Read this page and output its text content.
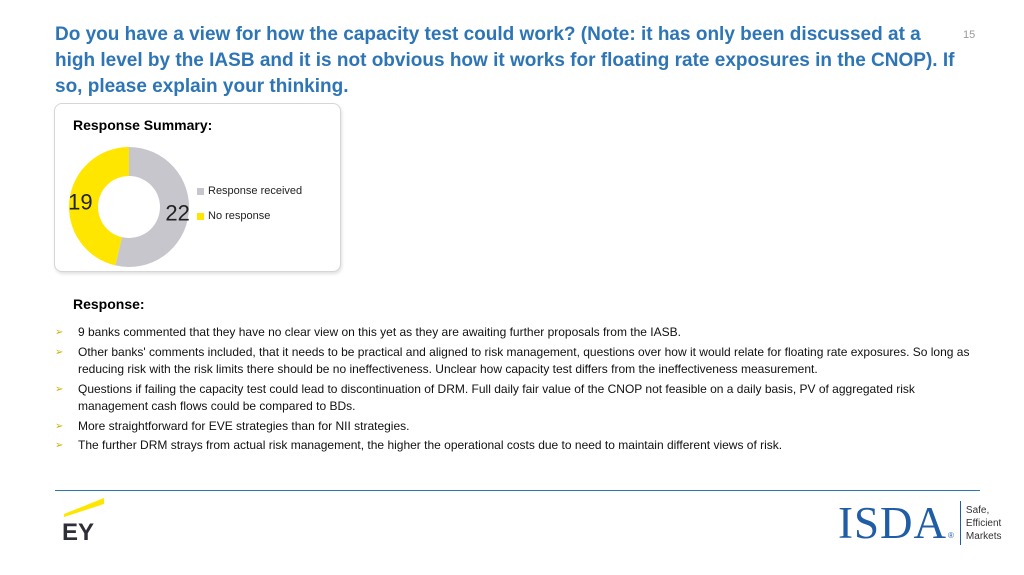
Do you have a view for how the capacity test could work? (Note: it has only been discussed at a high level by the IASB and it is not obvious how it works for floating rate exposures in the CNOP). If so, please explain your thinking.
15
Response Summary:
22
19	Response received
No response
Response:
➢ 9 banks commented that they have no clear view on this yet as they are awaiting further proposals from the IASB.
➢ Other banks' comments included, that it needs to be practical and aligned to risk management, questions over how it would relate for floating rate exposures. So long as reducing risk with the risk limits there should be no ineffectiveness. Unclear how capacity test differs from the ineffectiveness measurement.
➢ Questions if failing the capacity test could lead to discontinuation of DRM. Full daily fair value of the CNOP not feasible on a daily basis, PV of aggregated risk management cash flows could be compared to BDs.
➢ More straightforward for EVE strategies than for NII strategies.
➢ The further DRM strays from actual risk management, the higher the operational costs due to need to maintain different views of risk.
EY	ISDA ®
Safe,
Efficient
Markets
